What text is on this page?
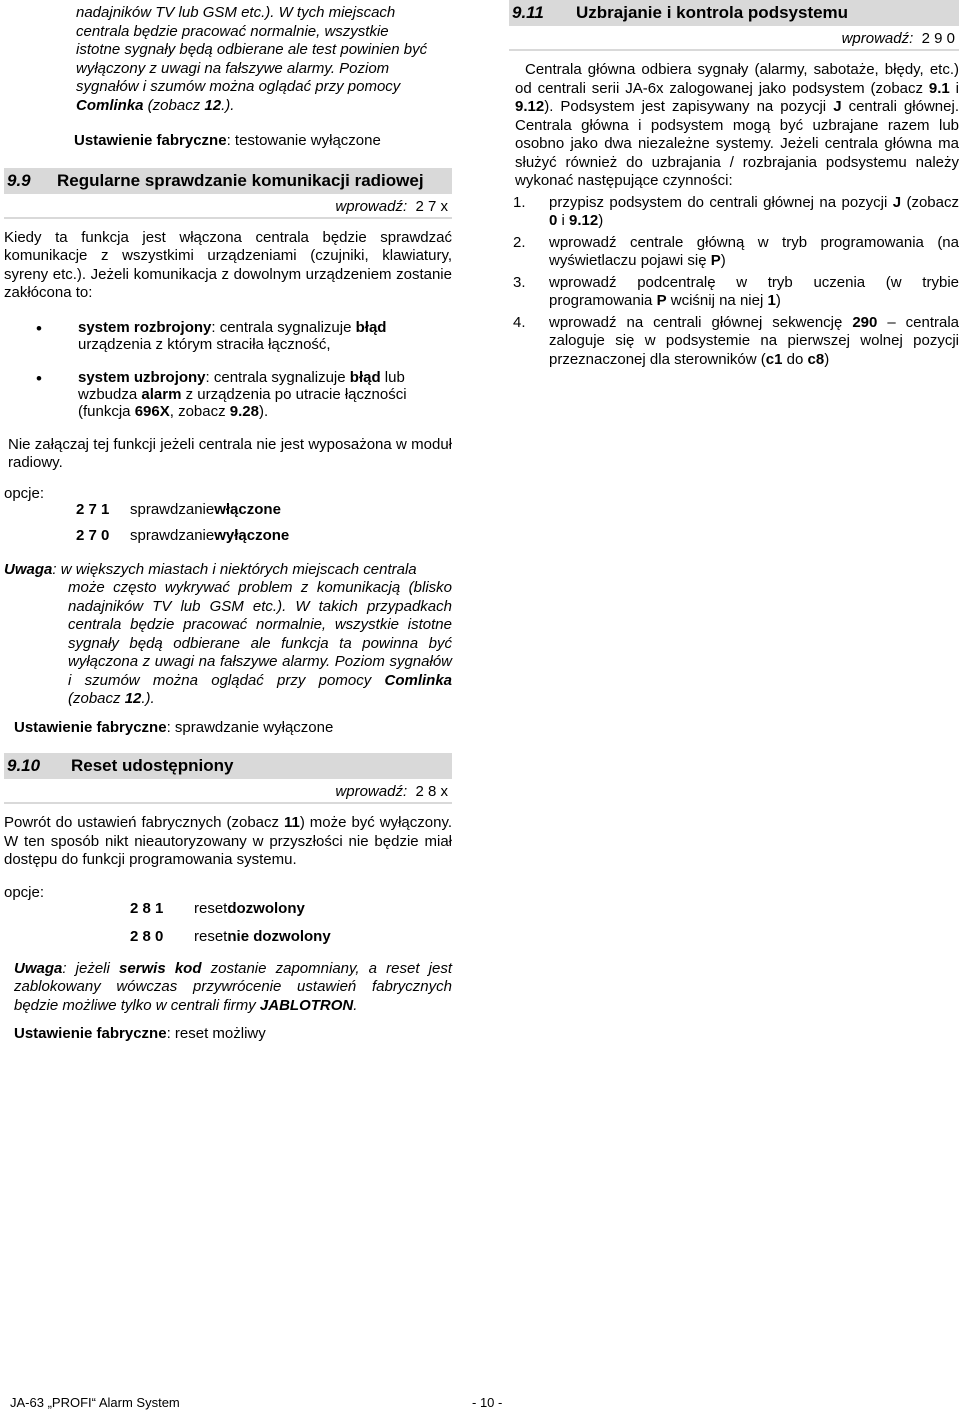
nadajników TV lub GSM etc.). W tych miejscach

centrala będzie pracować normalnie, wszystkie

istotne sygnały będą odbierane ale test powinien być

wyłączony z uwagi na fałszywe alarmy. Poziom

sygnałów i szumów można oglądać przy pomocy

Comlinka (zobacz 12.).

Ustawienie fabryczne: testowanie wyłączone

9.9	Regularne sprawdzanie komunikacji radiowej
wprowadź: 2 7 x

Kiedy ta funkcja jest włączona centrala będzie sprawdzać komunikacje z wszystkimi urządzeniami (czujniki, klawiatury, syreny etc.). Jeżeli komunikacja z dowolnym urządzeniem zostanie zakłócona to:

• system rozbrojony: centrala sygnalizuje błąd urządzenia z którym straciła łączność,
• system uzbrojony: centrala sygnalizuje błąd lub wzbudza alarm z urządzenia po utracie łączności (funkcja 696X, zobacz 9.28).

Nie załączaj tej funkcji jeżeli centrala nie jest wyposażona w moduł radiowy.

opcje:
2 7 1	sprawdzanie włączone
2 7 0	sprawdzanie wyłączone

Uwaga: w większych miastach i niektórych miejscach centrala

może często wykrywać problem z komunikacją (blisko nadajników TV lub GSM etc.). W takich przypadkach centrala będzie pracować normalnie, wszystkie istotne sygnały będą odbierane ale funkcja ta powinna być wyłączona z uwagi na fałszywe alarmy. Poziom sygnałów i szumów można oglądać przy pomocy Comlinka (zobacz 12.).

Ustawienie fabryczne: sprawdzanie wyłączone

9.10	Reset udostępniony
wprowadź: 2 8 x

Powrót do ustawień fabrycznych (zobacz 11) może być wyłączony. W ten sposób nikt nieautoryzowany w przyszłości nie będzie miał dostępu do funkcji programowania systemu.

opcje:
2 8 1	reset dozwolony
2 8 0	reset nie dozwolony

Uwaga: jeżeli serwis kod zostanie zapomniany, a reset jest zablokowany wówczas przywrócenie ustawień fabrycznych będzie możliwe tylko w centrali firmy JABLOTRON.

Ustawienie fabryczne: reset możliwy

9.11	Uzbrajanie i kontrola podsystemu
wprowadź: 2 9 0

Centrala główna odbiera sygnały (alarmy, sabotaże, błędy, etc.) od centrali serii JA-6x zalogowanej jako podsystem (zobacz 9.1 i 9.12). Podsystem jest zapisywany na pozycji J centrali głównej. Centrala główna i podsystem mogą być uzbrajane razem lub osobno jako dwa niezależne systemy. Jeżeli centrala główna ma służyć również do uzbrajania / rozbrajania podsystemu należy wykonać następujące czynności:

1.	przypisz podsystem do centrali głównej na pozycji J (zobacz 0 i 9.12)
2.	wprowadź centrale główną w tryb programowania (na wyświetlaczu pojawi się P)
3.	wprowadź podcentralę w tryb uczenia (w trybie programowania P wciśnij na niej 1)
4.	wprowadź na centrali głównej sekwencję 290 – centrala zaloguje się w podsystemie na pierwszej wolnej pozycji przeznaczonej dla sterowników (c1 do c8)
JA-63 „PROFI“ Alarm System	- 10 -
